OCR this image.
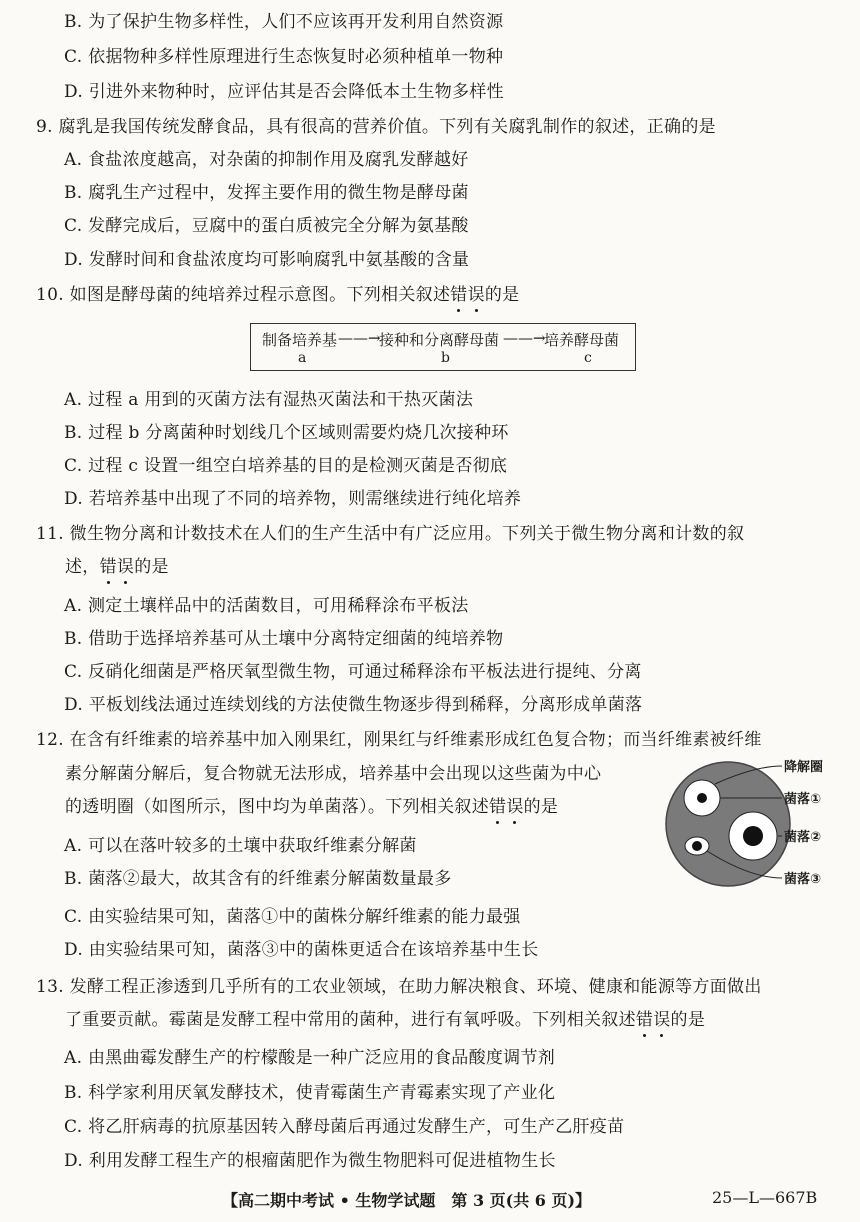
B. 为了保护生物多样性，人们不应该再开发利用自然资源
C. 依据物种多样性原理进行生态恢复时必须种植单一物种
D. 引进外来物种时，应评估其是否会降低本土生物多样性
9. 腐乳是我国传统发酵食品，具有很高的营养价值。下列有关腐乳制作的叙述，正确的是
A. 食盐浓度越高，对杂菌的抑制作用及腐乳发酵越好
B. 腐乳生产过程中，发挥主要作用的微生物是酵母菌
C. 发酵完成后，豆腐中的蛋白质被完全分解为氨基酸
D. 发酵时间和食盐浓度均可影响腐乳中氨基酸的含量
10. 如图是酵母菌的纯培养过程示意图。下列相关叙述错误的是
制备培养基 ——→
接种和分离酵母菌 ——→
培养酵母菌
a	b	c
A. 过程 a 用到的灭菌方法有湿热灭菌法和干热灭菌法
B. 过程 b 分离菌种时划线几个区域则需要灼烧几次接种环
C. 过程 c 设置一组空白培养基的目的是检测灭菌是否彻底
D. 若培养基中出现了不同的培养物，则需继续进行纯化培养
11. 微生物分离和计数技术在人们的生产生活中有广泛应用。下列关于微生物分离和计数的叙
述，错误的是
A. 测定土壤样品中的活菌数目，可用稀释涂布平板法
B. 借助于选择培养基可从土壤中分离特定细菌的纯培养物
C. 反硝化细菌是严格厌氧型微生物，可通过稀释涂布平板法进行提纯、分离
D. 平板划线法通过连续划线的方法使微生物逐步得到稀释，分离形成单菌落
12. 在含有纤维素的培养基中加入刚果红，刚果红与纤维素形成红色复合物；而当纤维素被纤维
素分解菌分解后，复合物就无法形成，培养基中会出现以这些菌为中心
的透明圈（如图所示，图中均为单菌落）。下列相关叙述错误的是
A. 可以在落叶较多的土壤中获取纤维素分解菌
B. 菌落②最大，故其含有的纤维素分解菌数量最多
C. 由实验结果可知，菌落①中的菌株分解纤维素的能力最强
D. 由实验结果可知，菌落③中的菌株更适合在该培养基中生长
降解圈
菌落①
菌落②
菌落③
13. 发酵工程正渗透到几乎所有的工农业领域，在助力解决粮食、环境、健康和能源等方面做出
了重要贡献。霉菌是发酵工程中常用的菌种，进行有氧呼吸。下列相关叙述错误的是
A. 由黑曲霉发酵生产的柠檬酸是一种广泛应用的食品酸度调节剂
B. 科学家利用厌氧发酵技术，使青霉菌生产青霉素实现了产业化
C. 将乙肝病毒的抗原基因转入酵母菌后再通过发酵生产，可生产乙肝疫苗
D. 利用发酵工程生产的根瘤菌肥作为微生物肥料可促进植物生长
【高二期中考试 • 生物学试题　第 3 页(共 6 页)】	25—L—667B
